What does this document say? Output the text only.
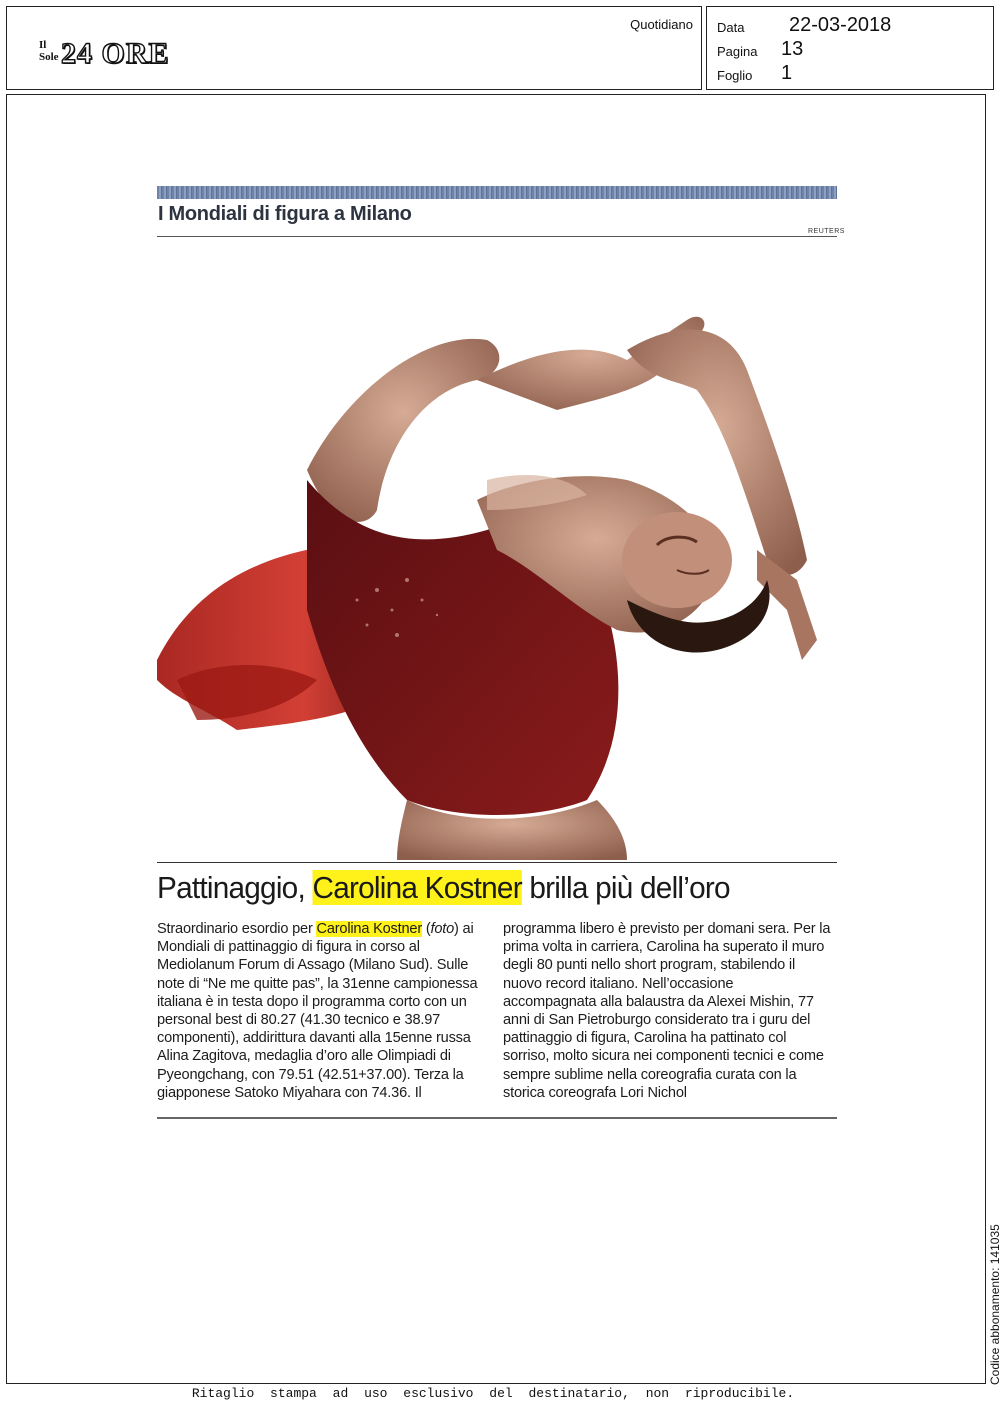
Il Sole 24 ORE
Quotidiano Data	22-03-2018
Pagina	13
Foglio	1
I Mondiali di figura a Milano
REUTERS
Pattinaggio, Carolina Kostner brilla più dell’oro
Straordinario esordio per Carolina Kostner (foto) ai
Mondiali di pattinaggio di figura in corso al
Mediolanum Forum di Assago (Milano Sud). Sulle
note di “Ne me quitte pas”, la 31enne campionessa
italiana è in testa dopo il programma corto con un
personal best di 80.27 (41.30 tecnico e 38.97
componenti), addirittura davanti alla 15enne russa
Alina Zagitova, medaglia d’oro alle Olimpiadi di
Pyeongchang, con 79.51 (42.51+37.00). Terza la
giapponese Satoko Miyahara con 74.36. Il
programma libero è previsto per domani sera. Per la
prima volta in carriera, Carolina ha superato il muro
degli 80 punti nello short program, stabilendo il
nuovo record italiano. Nell’occasione
accompagnata alla balaustra da Alexei Mishin, 77
anni di San Pietroburgo considerato tra i guru del
pattinaggio di figura, Carolina ha pattinato col
sorriso, molto sicura nei componenti tecnici e come
sempre sublime nella coreografia curata con la
storica coreografa Lori Nichol
Codice abbonamento: 141035
Ritaglio stampa ad uso esclusivo del destinatario, non riproducibile.
